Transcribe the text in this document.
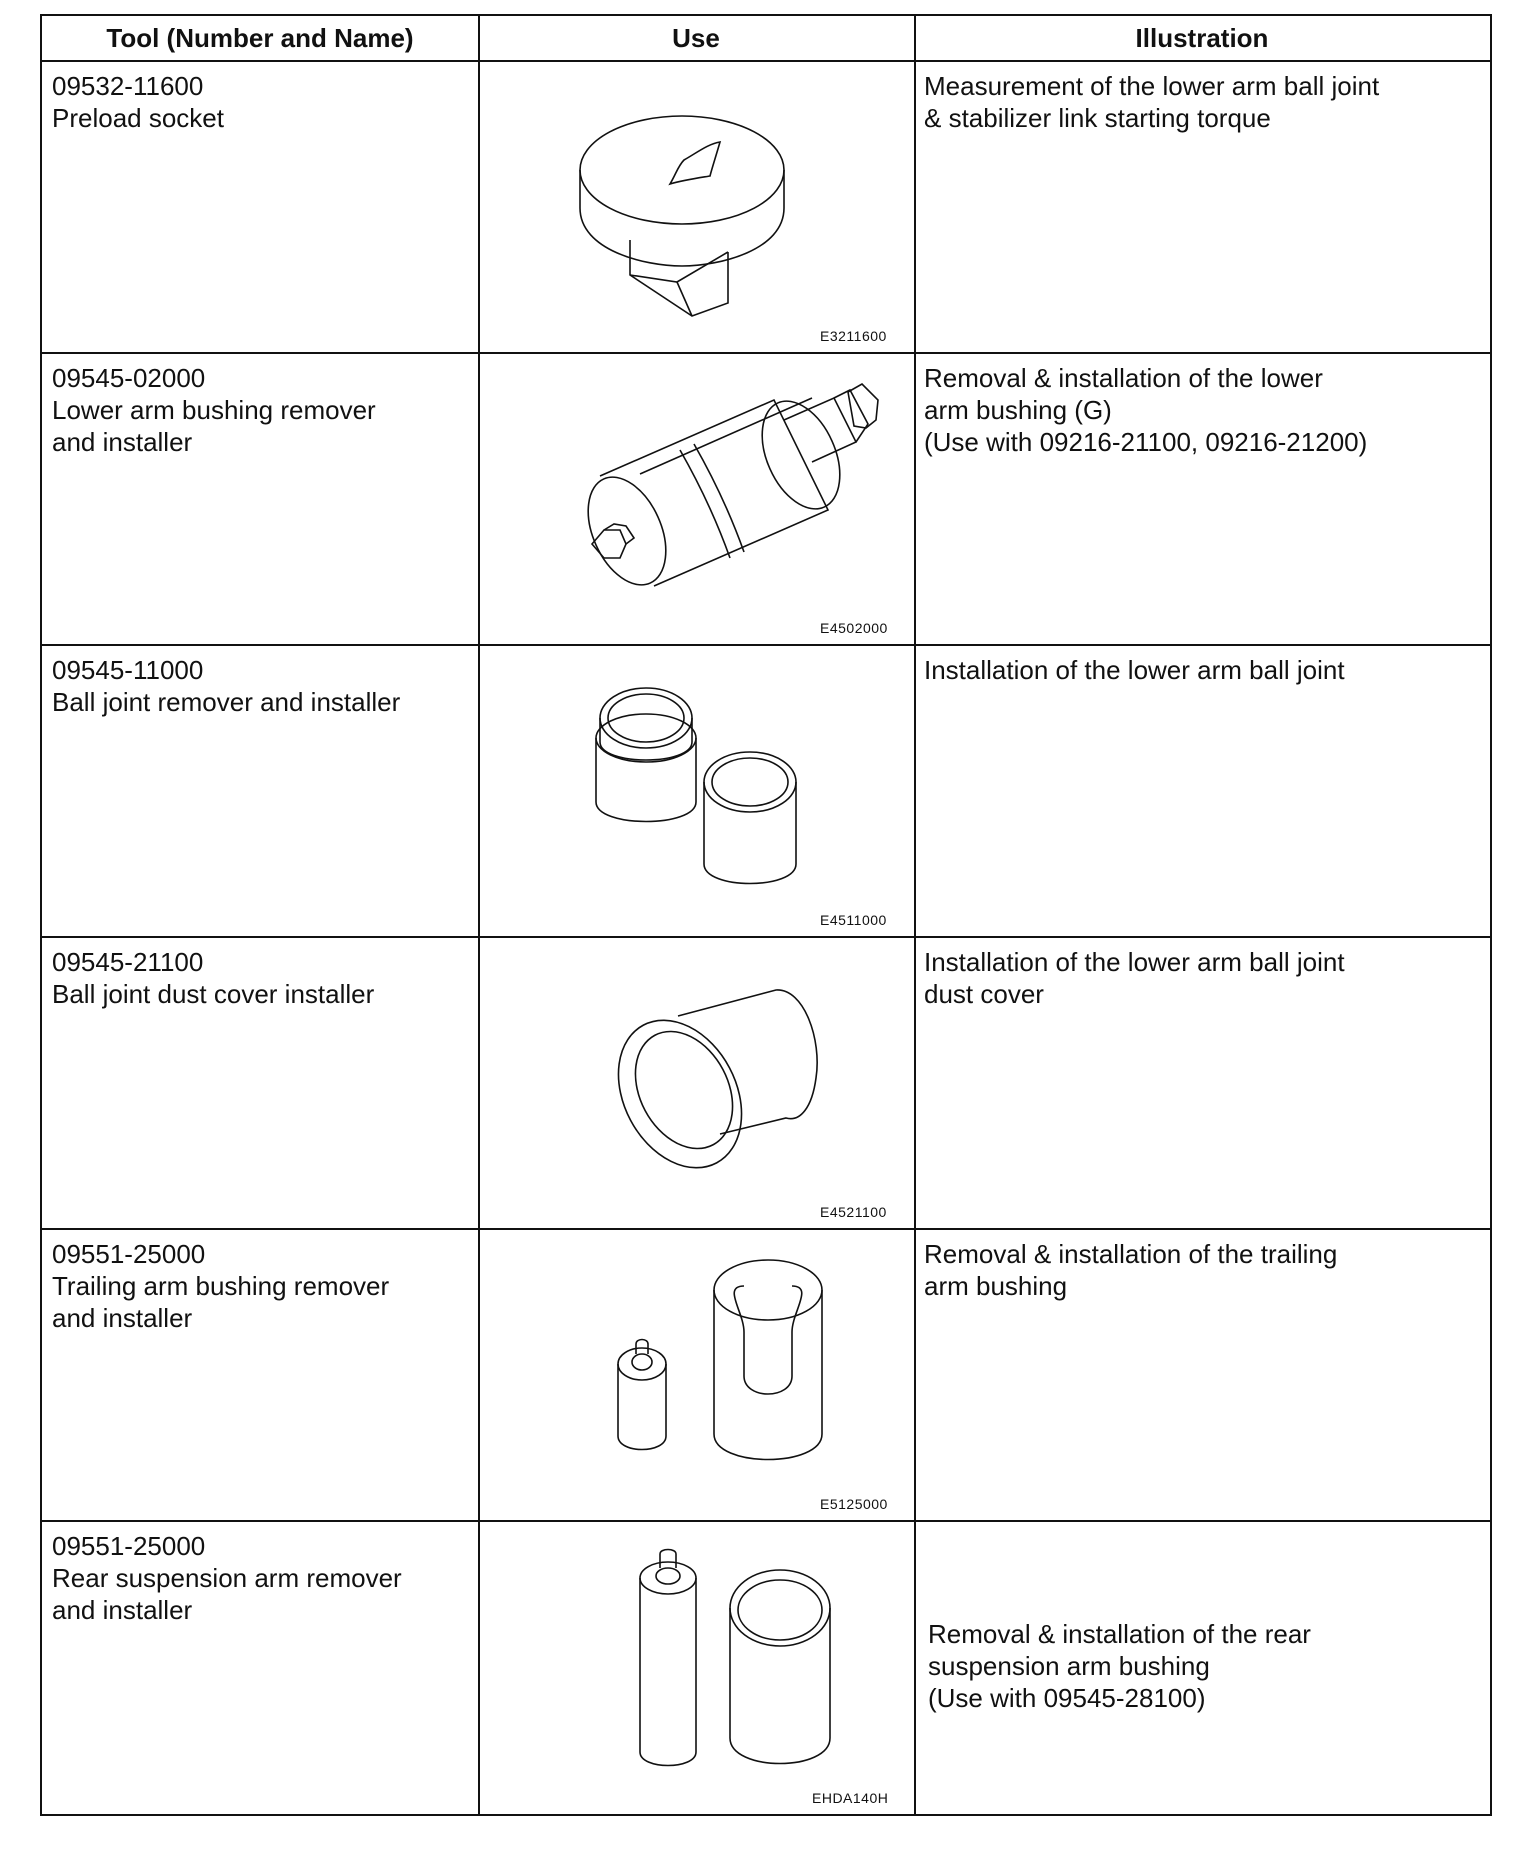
Tool (Number and Name)	Use	Illustration
09532-11600
Preload socket
E3211600
Measurement of the lower arm ball joint
& stabilizer link starting torque
09545-02000
Lower arm bushing remover
and installer
E4502000
Removal & installation of the lower
arm bushing (G)
(Use with 09216-21100, 09216-21200)
09545-11000
Ball joint remover and installer
E4511000
Installation of the lower arm ball joint
09545-21100
Ball joint dust cover installer
E4521100
Installation of the lower arm ball joint
dust cover
09551-25000
Trailing arm bushing remover
and installer
E5125000
Removal & installation of the trailing
arm bushing
09551-25000
Rear suspension arm remover
and installer
EHDA140H
Removal & installation of the rear
suspension arm bushing
(Use with 09545-28100)
